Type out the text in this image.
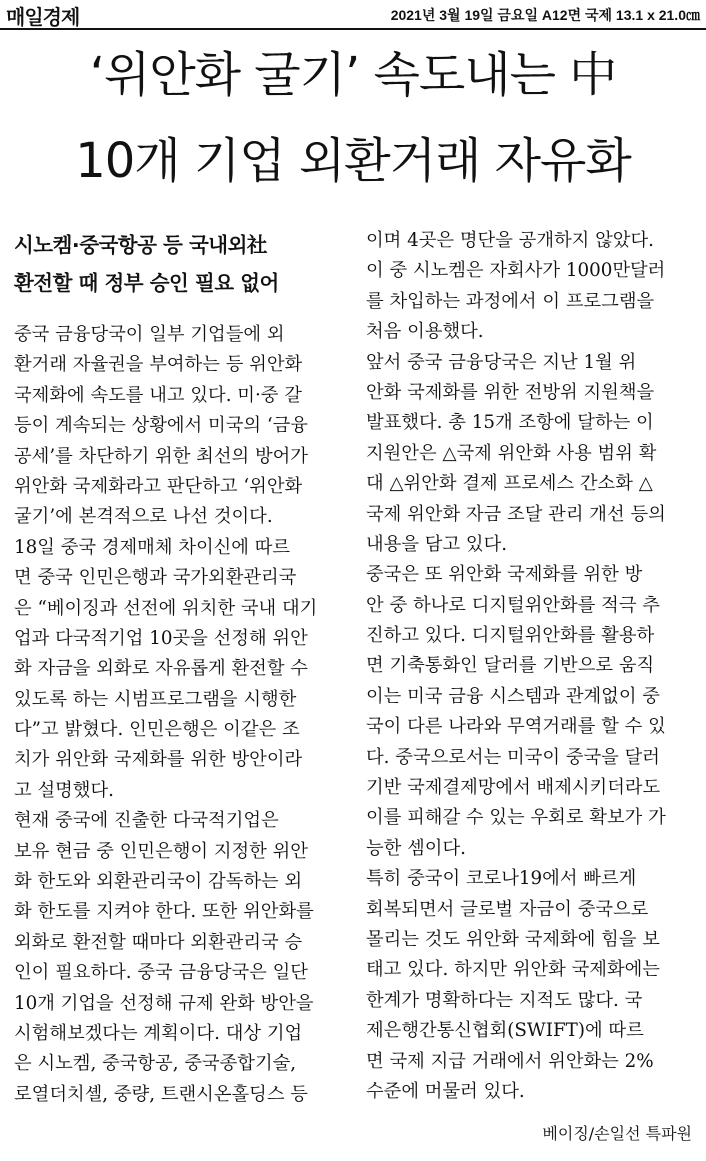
매일경제	2021년 3월 19일 금요일 A12면 국제 13.1 x 21.0㎝
‘위안화 굴기’ 속도내는 中
10개 기업 외환거래 자유화
시노켐·중국항공 등 국내외社
환전할 때 정부 승인 필요 없어
중국 금융당국이 일부 기업들에 외
환거래 자율권을 부여하는 등 위안화
국제화에 속도를 내고 있다. 미·중 갈
등이 계속되는 상황에서 미국의 ‘금융
공세’를 차단하기 위한 최선의 방어가
위안화 국제화라고 판단하고 ‘위안화
굴기’에 본격적으로 나선 것이다.
18일 중국 경제매체 차이신에 따르
면 중국 인민은행과 국가외환관리국
은 “베이징과 선전에 위치한 국내 대기
업과 다국적기업 10곳을 선정해 위안
화 자금을 외화로 자유롭게 환전할 수
있도록 하는 시범프로그램을 시행한
다”고 밝혔다. 인민은행은 이같은 조
치가 위안화 국제화를 위한 방안이라
고 설명했다.
현재 중국에 진출한 다국적기업은
보유 현금 중 인민은행이 지정한 위안
화 한도와 외환관리국이 감독하는 외
화 한도를 지켜야 한다. 또한 위안화를
외화로 환전할 때마다 외환관리국 승
인이 필요하다. 중국 금융당국은 일단
10개 기업을 선정해 규제 완화 방안을
시험해보겠다는 계획이다. 대상 기업
은 시노켐, 중국항공, 중국종합기술,
로열더치셸, 중량, 트랜시온홀딩스 등
이며 4곳은 명단을 공개하지 않았다.
이 중 시노켐은 자회사가 1000만달러
를 차입하는 과정에서 이 프로그램을
처음 이용했다.
앞서 중국 금융당국은 지난 1월 위
안화 국제화를 위한 전방위 지원책을
발표했다. 총 15개 조항에 달하는 이
지원안은 △국제 위안화 사용 범위 확
대 △위안화 결제 프로세스 간소화 △
국제 위안화 자금 조달 관리 개선 등의
내용을 담고 있다.
중국은 또 위안화 국제화를 위한 방
안 중 하나로 디지털위안화를 적극 추
진하고 있다. 디지털위안화를 활용하
면 기축통화인 달러를 기반으로 움직
이는 미국 금융 시스템과 관계없이 중
국이 다른 나라와 무역거래를 할 수 있
다. 중국으로서는 미국이 중국을 달러
기반 국제결제망에서 배제시키더라도
이를 피해갈 수 있는 우회로 확보가 가
능한 셈이다.
특히 중국이 코로나19에서 빠르게
회복되면서 글로벌 자금이 중국으로
몰리는 것도 위안화 국제화에 힘을 보
태고 있다. 하지만 위안화 국제화에는
한계가 명확하다는 지적도 많다. 국
제은행간통신협회(SWIFT)에 따르
면 국제 지급 거래에서 위안화는 2%
수준에 머물러 있다.
베이징/손일선 특파원
